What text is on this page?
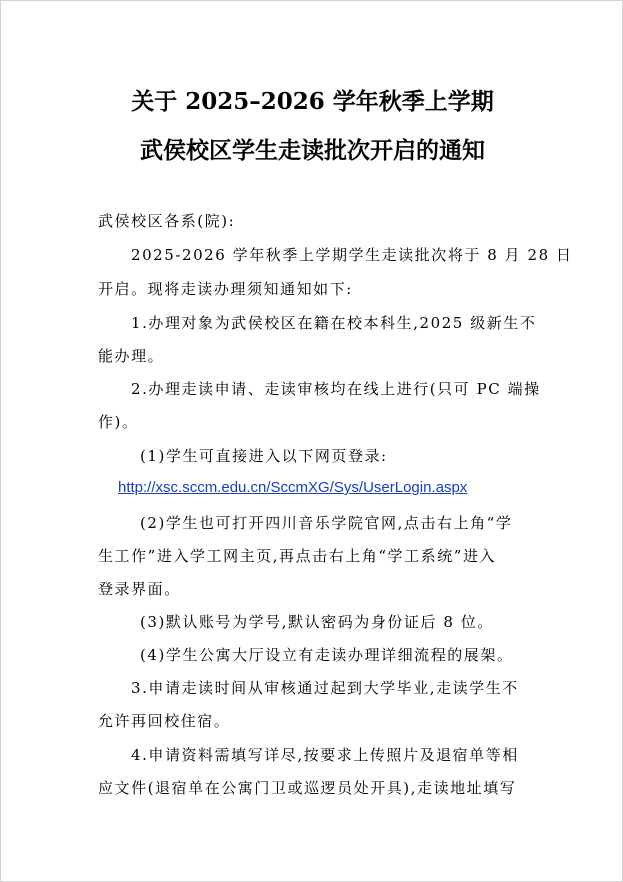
关于 2025–2026 学年秋季上学期
武侯校区学生走读批次开启的通知
武侯校区各系(院):
2025-2026 学年秋季上学期学生走读批次将于 8 月 28 日
开启。现将走读办理须知通知如下:
1.办理对象为武侯校区在籍在校本科生,2025 级新生不
能办理。
2.办理走读申请、走读审核均在线上进行(只可 PC 端操
作)。
(1)学生可直接进入以下网页登录:
http://xsc.sccm.edu.cn/SccmXG/Sys/UserLogin.aspx
(2)学生也可打开四川音乐学院官网,点击右上角“学
生工作”进入学工网主页,再点击右上角“学工系统”进入
登录界面。
(3)默认账号为学号,默认密码为身份证后 8 位。
(4)学生公寓大厅设立有走读办理详细流程的展架。
3.申请走读时间从审核通过起到大学毕业,走读学生不
允许再回校住宿。
4.申请资料需填写详尽,按要求上传照片及退宿单等相
应文件(退宿单在公寓门卫或巡逻员处开具),走读地址填写
